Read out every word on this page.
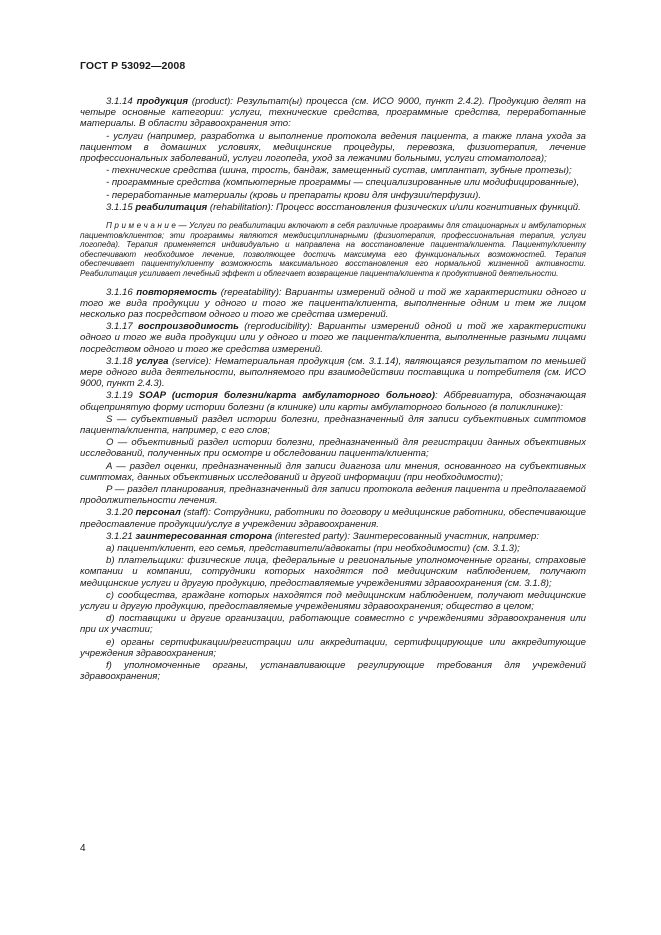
ГОСТ Р 53092—2008

3.1.14 продукция (product): Результат(ы) процесса (см. ИСО 9000, пункт 2.4.2). Продукцию делят на четыре основные категории: услуги, технические средства, программные средства, переработанные материалы. В области здравоохранения это:

- услуги (например, разработка и выполнение протокола ведения пациента, а также плана ухода за пациентом в домашних условиях, медицинские процедуры, перевозка, физиотерапия, лечение профессиональных заболеваний, услуги логопеда, уход за лежачими больными, услуги стоматолога);

- технические средства (шина, трость, бандаж, замещенный сустав, имплантат, зубные протезы);

- программные средства (компьютерные программы — специализированные или модифицированные),

- переработанные материалы (кровь и препараты крови для инфузии/перфузии).

3.1.15 реабилитация (rehabilitation): Процесс восстановления физических и/или когнитивных функций.

П р и м е ч а н и е — Услуги по реабилитации включают в себя различные программы для стационарных и амбулаторных пациентов/клиентов; эти программы являются междисциплинарными (физиотерапия, профессиональная терапия, услуги логопеда). Терапия применяется индивидуально и направлена на восстановление пациента/клиента. Пациенту/клиенту обеспечивают необходимое лечение, позволяющее достичь максимума его функциональных возможностей. Терапия обеспечивает пациенту/клиенту возможность максимального восстановления его нормальной жизненной активности. Реабилитация усиливает лечебный эффект и облегчает возвращение пациента/клиента к продуктивной деятельности.

3.1.16 повторяемость (repeatability): Варианты измерений одной и той же характеристики одного и того же вида продукции у одного и того же пациента/клиента, выполненные одним и тем же лицом несколько раз посредством одного и того же средства измерений.

3.1.17 воспроизводимость (reproducibility): Варианты измерений одной и той же характеристики одного и того же вида продукции или у одного и того же пациента/клиента, выполненные разными лицами посредством одного и того же средства измерений.

3.1.18 услуга (service): Нематериальная продукция (см. 3.1.14), являющаяся результатом по меньшей мере одного вида деятельности, выполняемого при взаимодействии поставщика и потребителя (см. ИСО 9000, пункт 2.4.3).

3.1.19 SOAP (история болезни/карта амбулаторного больного): Аббревиатура, обозначающая общепринятую форму истории болезни (в клинике) или карты амбулаторного больного (в поликлинике):

S — субъективный раздел истории болезни, предназначенный для записи субъективных симптомов пациента/клиента, например, с его слов;

O — объективный раздел истории болезни, предназначенный для регистрации данных объективных исследований, полученных при осмотре и обследовании пациента/клиента;

A — раздел оценки, предназначенный для записи диагноза или мнения, основанного на субъективных симптомах, данных объективных исследований и другой информации (при необходимости);

P — раздел планирования, предназначенный для записи протокола ведения пациента и предполагаемой продолжительности лечения.

3.1.20 персонал (staff): Сотрудники, работники по договору и медицинские работники, обеспечивающие предоставление продукции/услуг в учреждении здравоохранения.

3.1.21 заинтересованная сторона (interested party): Заинтересованный участник, например:

a) пациент/клиент, его семья, представители/адвокаты (при необходимости) (см. 3.1.3);

b) плательщики: физические лица, федеральные и региональные уполномоченные органы, страховые компании и компании, сотрудники которых находятся под медицинским наблюдением, получают медицинские услуги и другую продукцию, предоставляемые учреждениями здравоохранения (см. 3.1.8);

c) сообщества, граждане которых находятся под медицинским наблюдением, получают медицинские услуги и другую продукцию, предоставляемые учреждениями здравоохранения; общество в целом;

d) поставщики и другие организации, работающие совместно с учреждениями здравоохранения или при их участии;

e) органы сертификации/регистрации или аккредитации, сертифицирующие или аккредитующие учреждения здравоохранения;

f) уполномоченные органы, устанавливающие регулирующие требования для учреждений здравоохранения;

4
